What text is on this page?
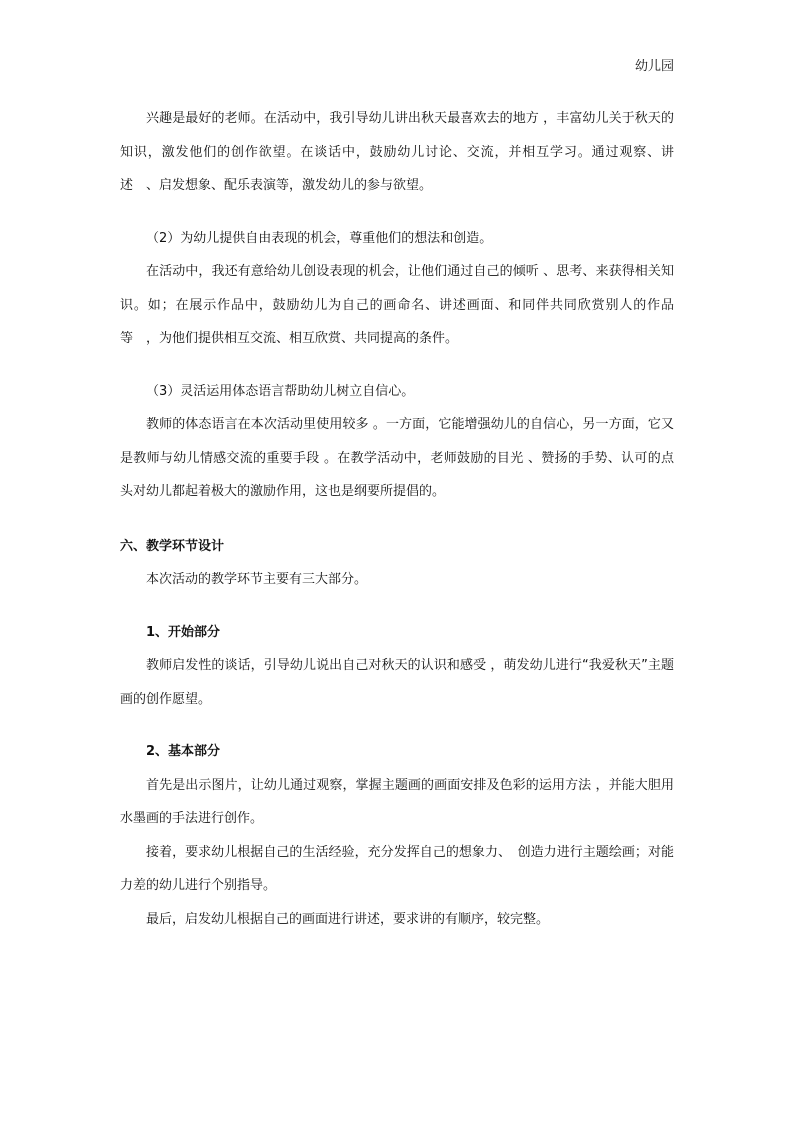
幼儿园

兴趣是最好的老师。在活动中，我引导幼儿讲出秋天最喜欢去的地方 ，丰富幼儿关于秋天的知识，激发他们的创作欲望。在谈话中，鼓励幼儿讨论、交流，并相互学习。通过观察、讲述　、启发想象、配乐表演等，激发幼儿的参与欲望。

（2）为幼儿提供自由表现的机会，尊重他们的想法和创造。

在活动中，我还有意给幼儿创设表现的机会，让他们通过自己的倾听 、思考、来获得相关知识。如；在展示作品中，鼓励幼儿为自己的画命名、讲述画面、和同伴共同欣赏别人的作品等　，为他们提供相互交流、相互欣赏、共同提高的条件。

（3）灵活运用体态语言帮助幼儿树立自信心。

教师的体态语言在本次活动里使用较多 。一方面，它能增强幼儿的自信心，另一方面，它又是教师与幼儿情感交流的重要手段 。在教学活动中，老师鼓励的目光 、赞扬的手势、认可的点头对幼儿都起着极大的激励作用，这也是纲要所提倡的。

六、教学环节设计

本次活动的教学环节主要有三大部分。

1、开始部分

教师启发性的谈话，引导幼儿说出自己对秋天的认识和感受 ，萌发幼儿进行“我爱秋天”主题画的创作愿望。

2、基本部分

首先是出示图片，让幼儿通过观察，掌握主题画的画面安排及色彩的运用方法 ，并能大胆用水墨画的手法进行创作。

接着，要求幼儿根据自己的生活经验，充分发挥自己的想象力、　创造力进行主题绘画；对能力差的幼儿进行个别指导。

最后，启发幼儿根据自己的画面进行讲述，要求讲的有顺序，较完整。
